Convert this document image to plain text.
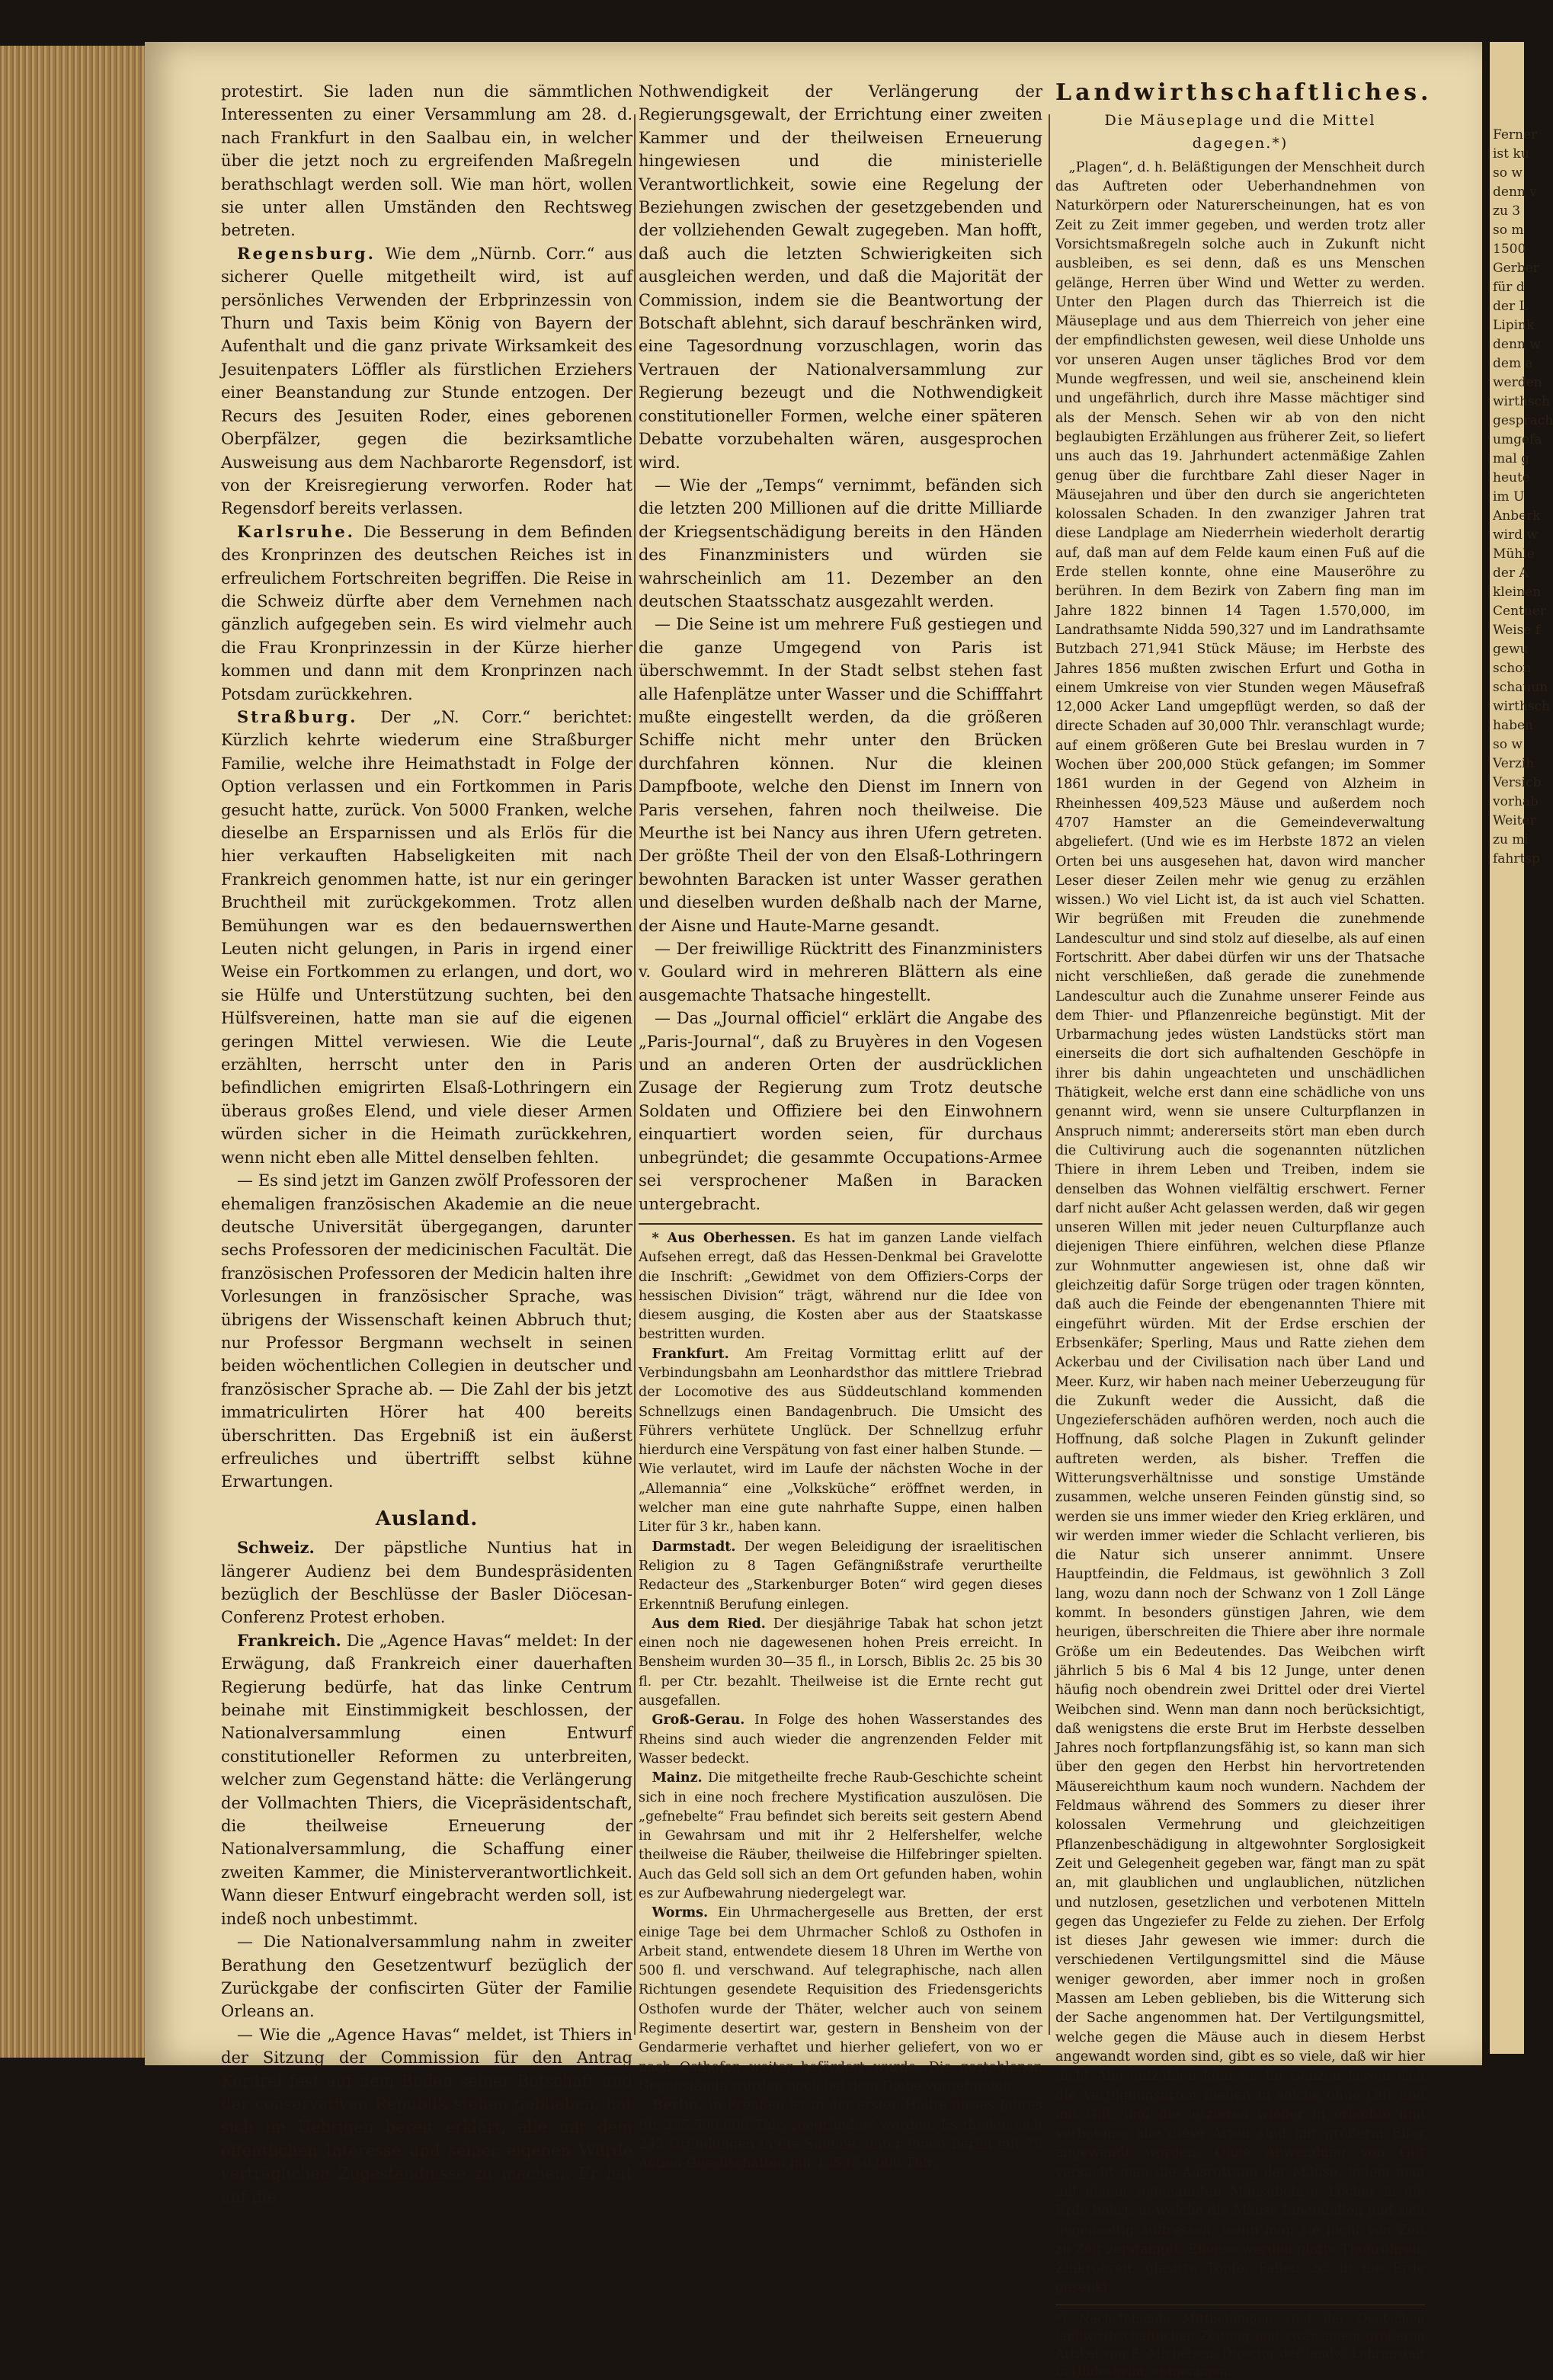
Ferner
ist ku
so w
denn v
zu 3
so m
1500
Gerber
für d
der L
Lipink
denn w
dem a
werden
wirthsch
gesprach
umgefa
mal g
heute
im U
Anberk
wird w
Mühle
der A
kleinen
Centner
Weise f
gewu
schon
schauun
wirthsch
haben
so w
Verzih
Versicb
vorhab
Weiter
zu mi
fahrtsp

protestirt. Sie laden nun die sämmtlichen Interessenten zu einer Versammlung am 28. d. nach Frankfurt in den Saalbau ein, in welcher über die jetzt noch zu ergreifenden Maßregeln berathschlagt werden soll. Wie man hört, wollen sie unter allen Umständen den Rechtsweg betreten.

 Regensburg. Wie dem „Nürnb. Corr.“ aus sicherer Quelle mitgetheilt wird, ist auf persönliches Verwenden der Erbprinzessin von Thurn und Taxis beim König von Bayern der Aufenthalt und die ganz private Wirksamkeit des Jesuitenpaters Löffler als fürstlichen Erziehers einer Beanstandung zur Stunde entzogen. Der Recurs des Jesuiten Roder, eines geborenen Oberpfälzer, gegen die bezirksamtliche Ausweisung aus dem Nachbarorte Regensdorf, ist von der Kreisregierung verworfen. Roder hat Regensdorf bereits verlassen.

 Karlsruhe. Die Besserung in dem Befinden des Kronprinzen des deutschen Reiches ist in erfreulichem Fortschreiten begriffen. Die Reise in die Schweiz dürfte aber dem Vernehmen nach gänzlich aufgegeben sein. Es wird vielmehr auch die Frau Kronprinzessin in der Kürze hierher kommen und dann mit dem Kronprinzen nach Potsdam zurückkehren.

 Straßburg. Der „N. Corr.“ berichtet: Kürzlich kehrte wiederum eine Straßburger Familie, welche ihre Heimathstadt in Folge der Option verlassen und ein Fortkommen in Paris gesucht hatte, zurück. Von 5000 Franken, welche dieselbe an Ersparnissen und als Erlös für die hier verkauften Habseligkeiten mit nach Frankreich genommen hatte, ist nur ein geringer Bruchtheil mit zurückgekommen. Trotz allen Bemühungen war es den bedauernswerthen Leuten nicht gelungen, in Paris in irgend einer Weise ein Fortkommen zu erlangen, und dort, wo sie Hülfe und Unterstützung suchten, bei den Hülfsvereinen, hatte man sie auf die eigenen geringen Mittel verwiesen. Wie die Leute erzählten, herrscht unter den in Paris befindlichen emigrirten Elsaß-Lothringern ein überaus großes Elend, und viele dieser Armen würden sicher in die Heimath zurückkehren, wenn nicht eben alle Mittel denselben fehlten.

 — Es sind jetzt im Ganzen zwölf Professoren der ehemaligen französischen Akademie an die neue deutsche Universität übergegangen, darunter sechs Professoren der medicinischen Facultät. Die französischen Professoren der Medicin halten ihre Vorlesungen in französischer Sprache, was übrigens der Wissenschaft keinen Abbruch thut; nur Professor Bergmann wechselt in seinen beiden wöchentlichen Collegien in deutscher und französischer Sprache ab. — Die Zahl der bis jetzt immatriculirten Hörer hat 400 bereits überschritten. Das Ergebniß ist ein äußerst erfreuliches und übertrifft selbst kühne Erwartungen.

Ausland.

 Schweiz. Der päpstliche Nuntius hat in längerer Audienz bei dem Bundespräsidenten bezüglich der Beschlüsse der Basler Diöcesan-Conferenz Protest erhoben.

 Frankreich. Die „Agence Havas“ meldet: In der Erwägung, daß Frankreich einer dauerhaften Regierung bedürfe, hat das linke Centrum beinahe mit Einstimmigkeit beschlossen, der Nationalversammlung einen Entwurf constitutioneller Reformen zu unterbreiten, welcher zum Gegenstand hätte: die Verlängerung der Vollmachten Thiers, die Vicepräsidentschaft, die theilweise Erneuerung der Nationalversammlung, die Schaffung einer zweiten Kammer, die Ministerverantwortlichkeit. Wann dieser Entwurf eingebracht werden soll, ist indeß noch unbestimmt.

 — Die Nationalversammlung nahm in zweiter Berathung den Gesetzentwurf bezüglich der Zurückgabe der confiscirten Güter der Familie Orleans an.

 — Wie die „Agence Havas“ meldet, ist Thiers in der Sitzung der Commission für den Antrag Kerdrel fest auf dem Boden seiner Botschaft und der conservativen Republik stehen geblieben, hat sich im Uebrigen bereit erklärt, alle mit dem öffentlichen Interesse und seiner eigenen Würde verträglichen Zugeständnisse zu machen. Er hat auf die

Nothwendigkeit der Verlängerung der Regierungsgewalt, der Errichtung einer zweiten Kammer und der theilweisen Erneuerung hingewiesen und die ministerielle Verantwortlichkeit, sowie eine Regelung der Beziehungen zwischen der gesetzgebenden und der vollziehenden Gewalt zugegeben. Man hofft, daß auch die letzten Schwierigkeiten sich ausgleichen werden, und daß die Majorität der Commission, indem sie die Beantwortung der Botschaft ablehnt, sich darauf beschränken wird, eine Tagesordnung vorzuschlagen, worin das Vertrauen der Nationalversammlung zur Regierung bezeugt und die Nothwendigkeit constitutioneller Formen, welche einer späteren Debatte vorzubehalten wären, ausgesprochen wird.

 — Wie der „Temps“ vernimmt, befänden sich die letzten 200 Millionen auf die dritte Milliarde der Kriegsentschädigung bereits in den Händen des Finanzministers und würden sie wahrscheinlich am 11. Dezember an den deutschen Staatsschatz ausgezahlt werden.

 — Die Seine ist um mehrere Fuß gestiegen und die ganze Umgegend von Paris ist überschwemmt. In der Stadt selbst stehen fast alle Hafenplätze unter Wasser und die Schifffahrt mußte eingestellt werden, da die größeren Schiffe nicht mehr unter den Brücken durchfahren können. Nur die kleinen Dampfboote, welche den Dienst im Innern von Paris versehen, fahren noch theilweise. Die Meurthe ist bei Nancy aus ihren Ufern getreten. Der größte Theil der von den Elsaß-Lothringern bewohnten Baracken ist unter Wasser gerathen und dieselben wurden deßhalb nach der Marne, der Aisne und Haute-Marne gesandt.

 — Der freiwillige Rücktritt des Finanzministers v. Goulard wird in mehreren Blättern als eine ausgemachte Thatsache hingestellt.

 — Das „Journal officiel“ erklärt die Angabe des „Paris-Journal“, daß zu Bruyères in den Vogesen und an anderen Orten der ausdrücklichen Zusage der Regierung zum Trotz deutsche Soldaten und Offiziere bei den Einwohnern einquartiert worden seien, für durchaus unbegründet; die gesammte Occupations-Armee sei versprochener Maßen in Baracken untergebracht.

 * Aus Oberhessen. Es hat im ganzen Lande vielfach Aufsehen erregt, daß das Hessen-Denkmal bei Gravelotte die Inschrift: „Gewidmet von dem Offiziers-Corps der hessischen Division“ trägt, während nur die Idee von diesem ausging, die Kosten aber aus der Staatskasse bestritten wurden.

 Frankfurt. Am Freitag Vormittag erlitt auf der Verbindungsbahn am Leonhardsthor das mittlere Triebrad der Locomotive des aus Süddeutschland kommenden Schnellzugs einen Bandagenbruch. Die Umsicht des Führers verhütete Unglück. Der Schnellzug erfuhr hierdurch eine Verspätung von fast einer halben Stunde. — Wie verlautet, wird im Laufe der nächsten Woche in der „Allemannia“ eine „Volksküche“ eröffnet werden, in welcher man eine gute nahrhafte Suppe, einen halben Liter für 3 kr., haben kann.

 Darmstadt. Der wegen Beleidigung der israelitischen Religion zu 8 Tagen Gefängnißstrafe verurtheilte Redacteur des „Starkenburger Boten“ wird gegen dieses Erkenntniß Berufung einlegen.

 Aus dem Ried. Der diesjährige Tabak hat schon jetzt einen noch nie dagewesenen hohen Preis erreicht. In Bensheim wurden 30—35 fl., in Lorsch, Biblis 2c. 25 bis 30 fl. per Ctr. bezahlt. Theilweise ist die Ernte recht gut ausgefallen.

 Groß-Gerau. In Folge des hohen Wasserstandes des Rheins sind auch wieder die angrenzenden Felder mit Wasser bedeckt.

 Mainz. Die mitgetheilte freche Raub-Geschichte scheint sich in eine noch frechere Mystification auszulösen. Die „gefnebelte“ Frau befindet sich bereits seit gestern Abend in Gewahrsam und mit ihr 2 Helfershelfer, welche theilweise die Räuber, theilweise die Hilfebringer spielten. Auch das Geld soll sich an dem Ort gefunden haben, wohin es zur Aufbewahrung niedergelegt war.

 Worms. Ein Uhrmachergeselle aus Bretten, der erst einige Tage bei dem Uhrmacher Schloß zu Osthofen in Arbeit stand, entwendete diesem 18 Uhren im Werthe von 500 fl. und verschwand. Auf telegraphische, nach allen Richtungen gesendete Requisition des Friedensgerichts Osthofen wurde der Thäter, welcher auch von seinem Regimente desertirt war, gestern in Bensheim von der Gendarmerie verhaftet und hierher geliefert, von wo er nach Osthofen weiter befördert wurde. Die gestohlenen Gegenstände wurden noch bei dem Diebe vorgefunden.

 Berlin. In Preußen ist in der ersten Hälfte dieses Jahres für 335,500,000 Thlr. „gegründet“ worden. Es theilen sich 245 Gründungen in die Summe, unter ihnen Berlin mit 79 Actien-Gesellschaften mit 135,650,000 Thlr.

Landwirthschaftliches.
Die Mäuseplage und die Mittel dagegen.*)

 „Plagen“, d. h. Beläßtigungen der Menschheit durch das Auftreten oder Ueberhandnehmen von Naturkörpern oder Naturerscheinungen, hat es von Zeit zu Zeit immer gegeben, und werden trotz aller Vorsichtsmaßregeln solche auch in Zukunft nicht ausbleiben, es sei denn, daß es uns Menschen gelänge, Herren über Wind und Wetter zu werden. Unter den Plagen durch das Thierreich ist die Mäuseplage und aus dem Thierreich von jeher eine der empfindlichsten gewesen, weil diese Unholde uns vor unseren Augen unser tägliches Brod vor dem Munde wegfressen, und weil sie, anscheinend klein und ungefährlich, durch ihre Masse mächtiger sind als der Mensch. Sehen wir ab von den nicht beglaubigten Erzählungen aus früherer Zeit, so liefert uns auch das 19. Jahrhundert actenmäßige Zahlen genug über die furchtbare Zahl dieser Nager in Mäusejahren und über den durch sie angerichteten kolossalen Schaden. In den zwanziger Jahren trat diese Landplage am Niederrhein wiederholt derartig auf, daß man auf dem Felde kaum einen Fuß auf die Erde stellen konnte, ohne eine Mauseröhre zu berühren. In dem Bezirk von Zabern fing man im Jahre 1822 binnen 14 Tagen 1.570,000, im Landrathsamte Nidda 590,327 und im Landrathsamte Butzbach 271,941 Stück Mäuse; im Herbste des Jahres 1856 mußten zwischen Erfurt und Gotha in einem Umkreise von vier Stunden wegen Mäusefraß 12,000 Acker Land umgepflügt werden, so daß der directe Schaden auf 30,000 Thlr. veranschlagt wurde; auf einem größeren Gute bei Breslau wurden in 7 Wochen über 200,000 Stück gefangen; im Sommer 1861 wurden in der Gegend von Alzheim in Rheinhessen 409,523 Mäuse und außerdem noch 4707 Hamster an die Gemeindeverwaltung abgeliefert. (Und wie es im Herbste 1872 an vielen Orten bei uns ausgesehen hat, davon wird mancher Leser dieser Zeilen mehr wie genug zu erzählen wissen.) Wo viel Licht ist, da ist auch viel Schatten. Wir begrüßen mit Freuden die zunehmende Landescultur und sind stolz auf dieselbe, als auf einen Fortschritt. Aber dabei dürfen wir uns der Thatsache nicht verschließen, daß gerade die zunehmende Landescultur auch die Zunahme unserer Feinde aus dem Thier- und Pflanzenreiche begünstigt. Mit der Urbarmachung jedes wüsten Landstücks stört man einerseits die dort sich aufhaltenden Geschöpfe in ihrer bis dahin ungeachteten und unschädlichen Thätigkeit, welche erst dann eine schädliche von uns genannt wird, wenn sie unsere Culturpflanzen in Anspruch nimmt; andererseits stört man eben durch die Cultivirung auch die sogenannten nützlichen Thiere in ihrem Leben und Treiben, indem sie denselben das Wohnen vielfältig erschwert. Ferner darf nicht außer Acht gelassen werden, daß wir gegen unseren Willen mit jeder neuen Culturpflanze auch diejenigen Thiere einführen, welchen diese Pflanze zur Wohnmutter angewiesen ist, ohne daß wir gleichzeitig dafür Sorge trügen oder tragen könnten, daß auch die Feinde der ebengenannten Thiere mit eingeführt würden. Mit der Erdse erschien der Erbsenkäfer; Sperling, Maus und Ratte ziehen dem Ackerbau und der Civilisation nach über Land und Meer. Kurz, wir haben nach meiner Ueberzeugung für die Zukunft weder die Aussicht, daß die Ungezieferschäden aufhören werden, noch auch die Hoffnung, daß solche Plagen in Zukunft gelinder auftreten werden, als bisher. Treffen die Witterungsverhältnisse und sonstige Umstände zusammen, welche unseren Feinden günstig sind, so werden sie uns immer wieder den Krieg erklären, und wir werden immer wieder die Schlacht verlieren, bis die Natur sich unserer annimmt. Unsere Hauptfeindin, die Feldmaus, ist gewöhnlich 3 Zoll lang, wozu dann noch der Schwanz von 1 Zoll Länge kommt. In besonders günstigen Jahren, wie dem heurigen, überschreiten die Thiere aber ihre normale Größe um ein Bedeutendes. Das Weibchen wirft jährlich 5 bis 6 Mal 4 bis 12 Junge, unter denen häufig noch obendrein zwei Drittel oder drei Viertel Weibchen sind. Wenn man dann noch berücksichtigt, daß wenigstens die erste Brut im Herbste desselben Jahres noch fortpflanzungsfähig ist, so kann man sich über den gegen den Herbst hin hervortretenden Mäusereichthum kaum noch wundern. Nachdem der Feldmaus während des Sommers zu dieser ihrer kolossalen Vermehrung und gleichzeitigen Pflanzenbeschädigung in altgewohnter Sorglosigkeit Zeit und Gelegenheit gegeben war, fängt man zu spät an, mit glaublichen und unglaublichen, nützlichen und nutzlosen, gesetzlichen und verbotenen Mitteln gegen das Ungeziefer zu Felde zu ziehen. Der Erfolg ist dieses Jahr gewesen wie immer: durch die verschiedenen Vertilgungsmittel sind die Mäuse weniger geworden, aber immer noch in großen Massen am Leben geblieben, bis die Witterung sich der Sache angenommen hat. Der Vertilgungsmittel, welche gegen die Mäuse auch in diesem Herbst angewandt worden sind, gibt es so viele, daß wir hier nicht Alle aufzählen können. Im Ganzen lassen sich die Vertilgungsarten theilen in solche ohne Gift und mit Gift, und die letzteren wieder in erlaubte und verbotene; alle diese Arten sind mit größerm Eifer angewandt worden. Ohne Anwendung von Gift versucht man die Ausrottung der Mäuse, indem man mit einem sogenannten Mäusebohrer Löcher in die Erde bohrt, in welche die Mäuse hineinfallen und sich gegenseitig auffressen, wenn man sie nicht von Zeit zu Zeit zerstampft. Ebenso werden glatte Thonröhren, Zinkröhren, glasirte Töpfe, Fallen 2c. in die Erde gesenkt.

*) Nachstehende Mittheilungen sind der Deutschen landwirthschaftlichen Zeitung und zwar einem größeren Artikel von E. Michelsen, Director der landw. Lehranstalt in Hildesheim, entnommen.
